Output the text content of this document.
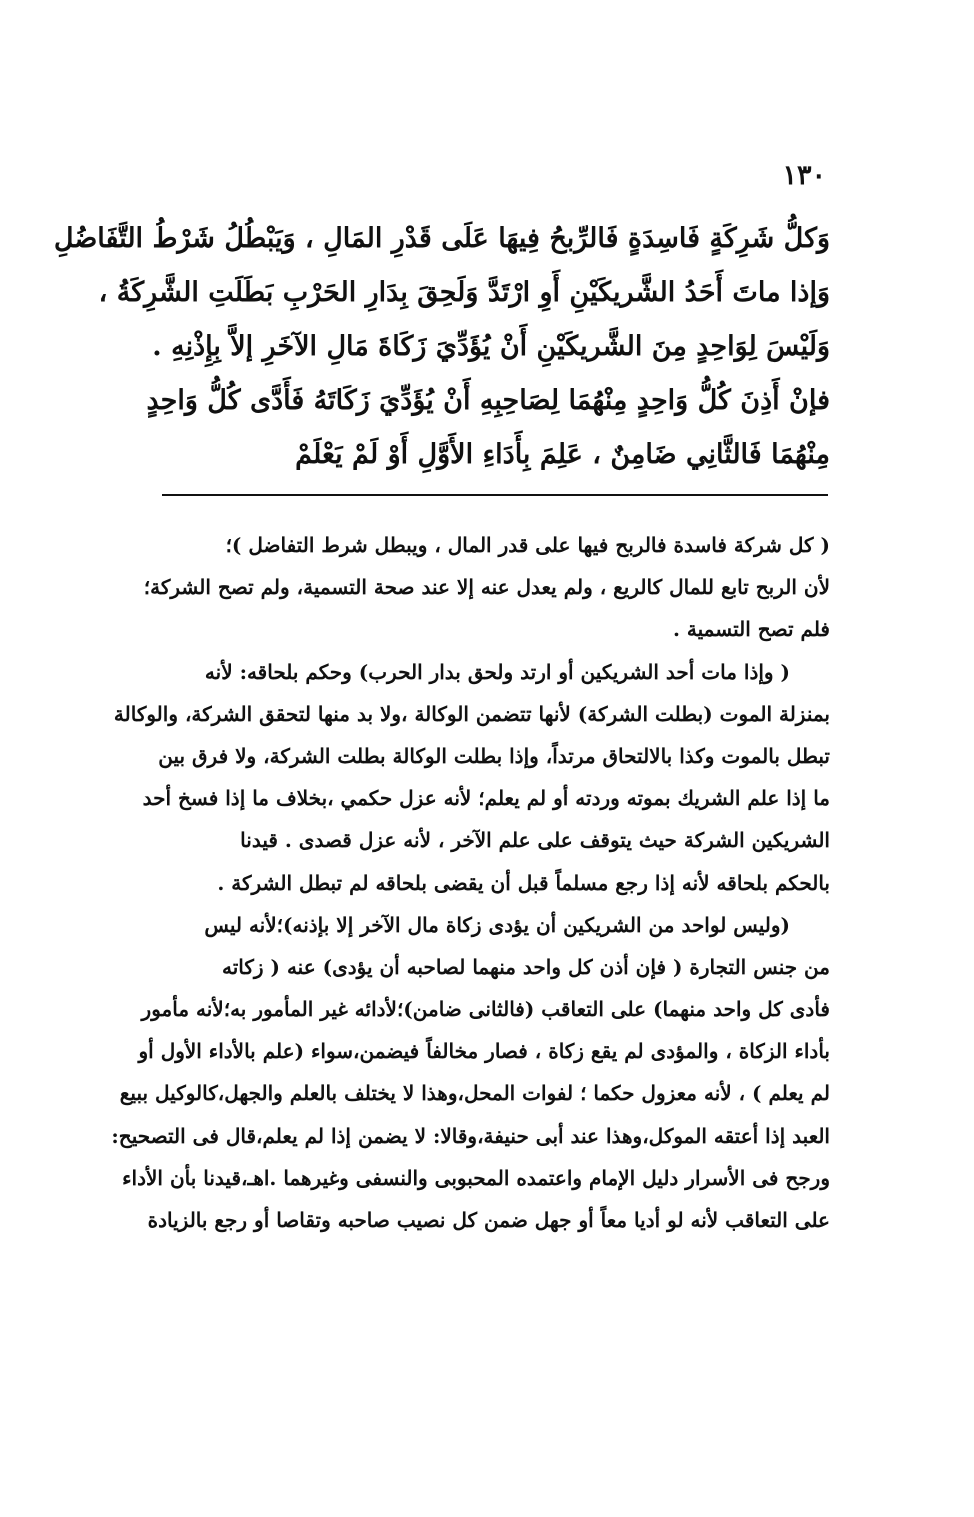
١٣٠
وَكلُّ شَرِكَةٍ فَاسِدَةٍ فَالرِّبحُ فِيهَا عَلَى قَدْرِ المَالِ ، وَيَبْطُلُ شَرْطُ التَّفَاضُلِ
وَإذا ماتَ أَحَدُ الشَّريكَيْنِ أَوِ ارْتَدَّ وَلَحِقَ بِدَارِ الحَرْبِ بَطَلَتِ الشَّرِكَةُ ،
وَلَيْسَ لِوَاحِدٍ مِنَ الشَّريكَيْنِ أَنْ يُؤَدِّيَ زَكَاةَ مَالِ الآخَرِ إلاَّ بِإِذْنِهِ .
فإنْ أَذِنَ كُلُّ وَاحِدٍ مِنْهُمَا لِصَاحِبِهِ أَنْ يُؤَدِّيَ زَكَاتَهُ فَأَدَّى كُلُّ وَاحِدٍ
مِنْهُمَا فَالثَّانِي ضَامِنٌ ، عَلِمَ بِأَدَاءِ الأَوَّلِ أَوْ لَمْ يَعْلَمْ
( كل شركة فاسدة فالربح فيها على قدر المال ، ويبطل شرط التفاضل )؛
لأن الربح تابع للمال كالريع ، ولم يعدل عنه إلا عند صحة التسمية، ولم تصح الشركة؛
فلم تصح التسمية .
( وإذا مات أحد الشريكين أو ارتد ولحق بدار الحرب) وحكم بلحاقه: لأنه
بمنزلة الموت (بطلت الشركة) لأنها تتضمن الوكالة ،ولا بد منها لتحقق الشركة، والوكالة
تبطل بالموت وكذا بالالتحاق مرتداً، وإذا بطلت الوكالة بطلت الشركة، ولا فرق بين
ما إذا علم الشريك بموته وردته أو لم يعلم؛ لأنه عزل حكمي ،بخلاف ما إذا فسخ أحد
الشريكين الشركة حيث يتوقف على علم الآخر ، لأنه عزل قصدى . قيدنا
بالحكم بلحاقه لأنه إذا رجع مسلماً قبل أن يقضى بلحاقه لم تبطل الشركة .
(وليس لواحد من الشريكين أن يؤدى زكاة مال الآخر إلا بإذنه)؛لأنه ليس
من جنس التجارة ( فإن أذن كل واحد منهما لصاحبه أن يؤدى) عنه ( زكاته
فأدى كل واحد منهما) على التعاقب (فالثانى ضامن)؛لأدائه غير المأمور به؛لأنه مأمور
بأداء الزكاة ، والمؤدى لم يقع زكاة ، فصار مخالفاً فيضمن،سواء (علم بالأداء الأول أو
لم يعلم ) ، لأنه معزول حكما ؛ لفوات المحل،وهذا لا يختلف بالعلم والجهل،كالوكيل ببيع
العبد إذا أعتقه الموكل،وهذا عند أبى حنيفة،وقالا: لا يضمن إذا لم يعلم،قال فى التصحيح:
ورجح فى الأسرار دليل الإمام واعتمده المحبوبى والنسفى وغيرهما .اهـ،قيدنا بأن الأداء
على التعاقب لأنه لو أديا معاً أو جهل ضمن كل نصيب صاحبه وتقاصا أو رجع بالزيادة
